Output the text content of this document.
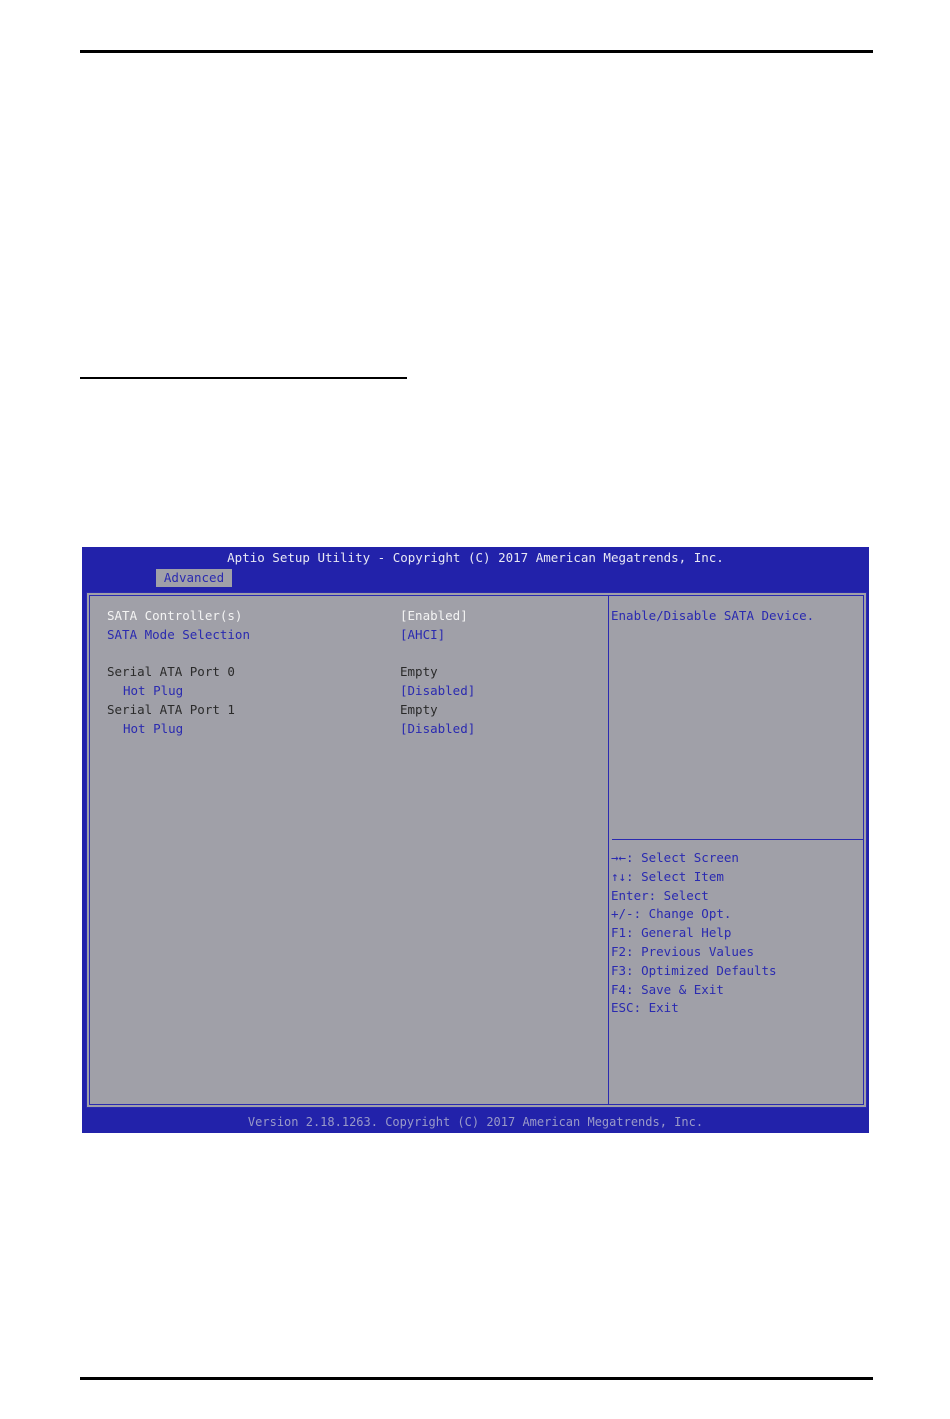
Aptio Setup Utility - Copyright (C) 2017 American Megatrends, Inc.
Advanced
SATA Controller(s)	[Enabled]
SATA Mode Selection	[AHCI]
Serial ATA Port 0	Empty
Hot Plug	[Disabled]
Serial ATA Port 1	Empty
Hot Plug	[Disabled]
Enable/Disable SATA Device.
→←: Select Screen
↑↓: Select Item
Enter: Select
+/-: Change Opt.
F1: General Help
F2: Previous Values
F3: Optimized Defaults
F4: Save & Exit
ESC: Exit
Version 2.18.1263. Copyright (C) 2017 American Megatrends, Inc.
